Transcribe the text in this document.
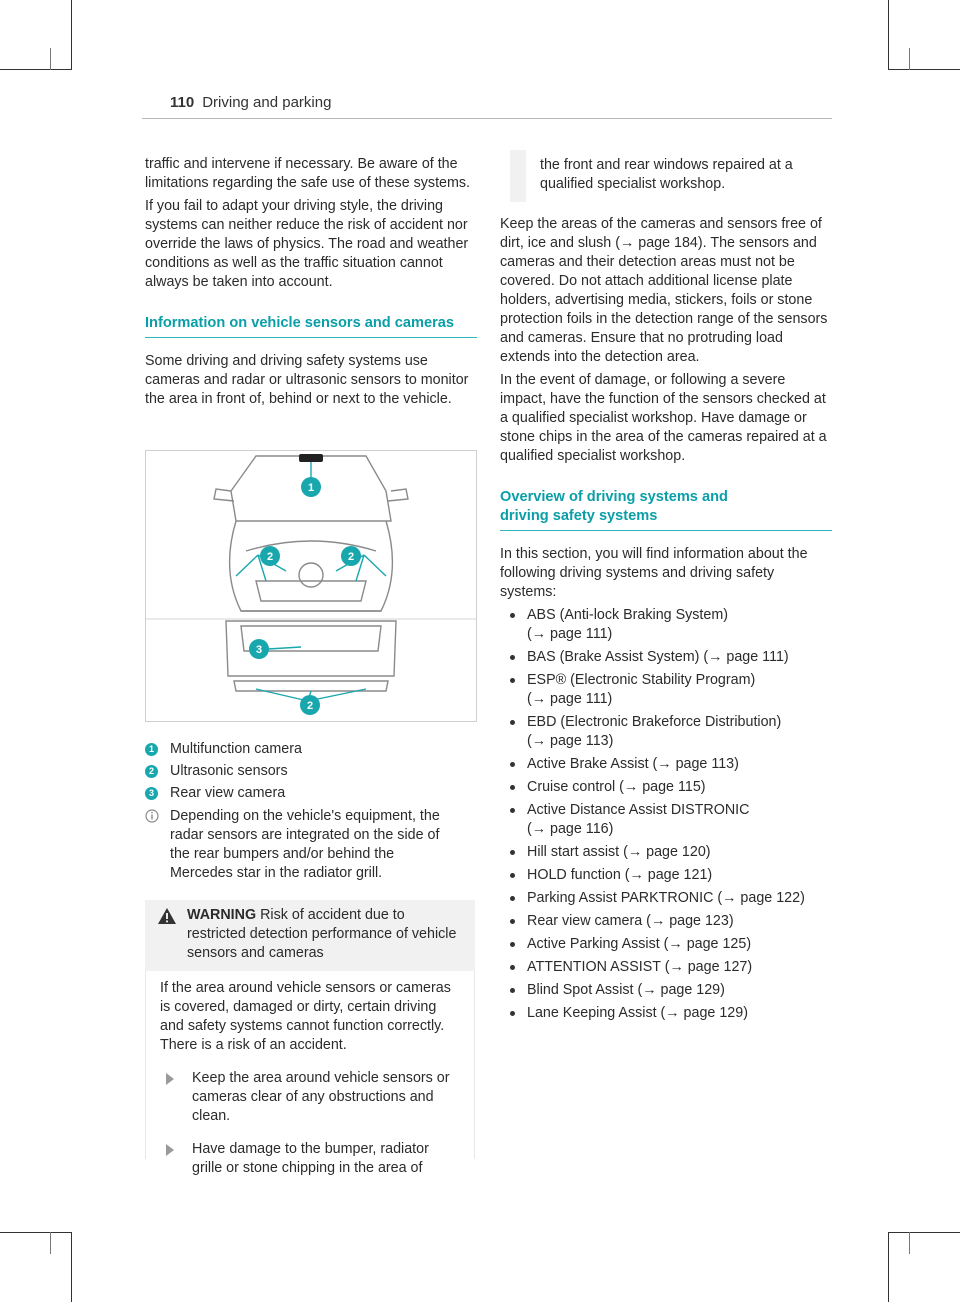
110 Driving and parking

traffic and intervene if necessary. Be aware of the limitations regarding the safe use of these systems.

If you fail to adapt your driving style, the driving systems can neither reduce the risk of accident nor override the laws of physics. The road and weather conditions as well as the traffic situation cannot always be taken into account.

Information on vehicle sensors and cameras

Some driving and driving safety systems use cameras and radar or ultrasonic sensors to monitor the area in front of, behind or next to the vehicle.

1
2	2
3
2
1 Multifunction camera
2 Ultrasonic sensors
3 Rear view camera
Depending on the vehicle's equipment, the radar sensors are integrated on the side of the rear bumpers and/or behind the Mercedes star in the radiator grill.
WARNING Risk of accident due to restricted detection performance of vehicle sensors and cameras

If the area around vehicle sensors or cameras is covered, damaged or dirty, certain driving and safety systems cannot function correctly. There is a risk of an accident.

Keep the area around vehicle sensors or cameras clear of any obstructions and clean.
Have damage to the bumper, radiator grille or stone chipping in the area of
the front and rear windows repaired at a qualified specialist workshop.

Keep the areas of the cameras and sensors free of dirt, ice and slush (→ page 184). The sensors and cameras and their detection areas must not be covered. Do not attach additional license plate holders, advertising media, stickers, foils or stone protection foils in the detection range of the sensors and cameras. Ensure that no protruding load extends into the detection area.

In the event of damage, or following a severe impact, have the function of the sensors checked at a qualified specialist workshop. Have damage or stone chips in the area of the cameras repaired at a qualified specialist workshop.

Overview of driving systems and driving safety systems

In this section, you will find information about the following driving systems and driving safety systems:

ABS (Anti-lock Braking System) (→ page 111)
BAS (Brake Assist System) (→ page 111)
ESP® (Electronic Stability Program) (→ page 111)
EBD (Electronic Brakeforce Distribution) (→ page 113)
Active Brake Assist (→ page 113)
Cruise control (→ page 115)
Active Distance Assist DISTRONIC (→ page 116)
Hill start assist (→ page 120)
HOLD function (→ page 121)
Parking Assist PARKTRONIC (→ page 122)
Rear view camera (→ page 123)
Active Parking Assist (→ page 125)
ATTENTION ASSIST (→ page 127)
Blind Spot Assist (→ page 129)
Lane Keeping Assist (→ page 129)
